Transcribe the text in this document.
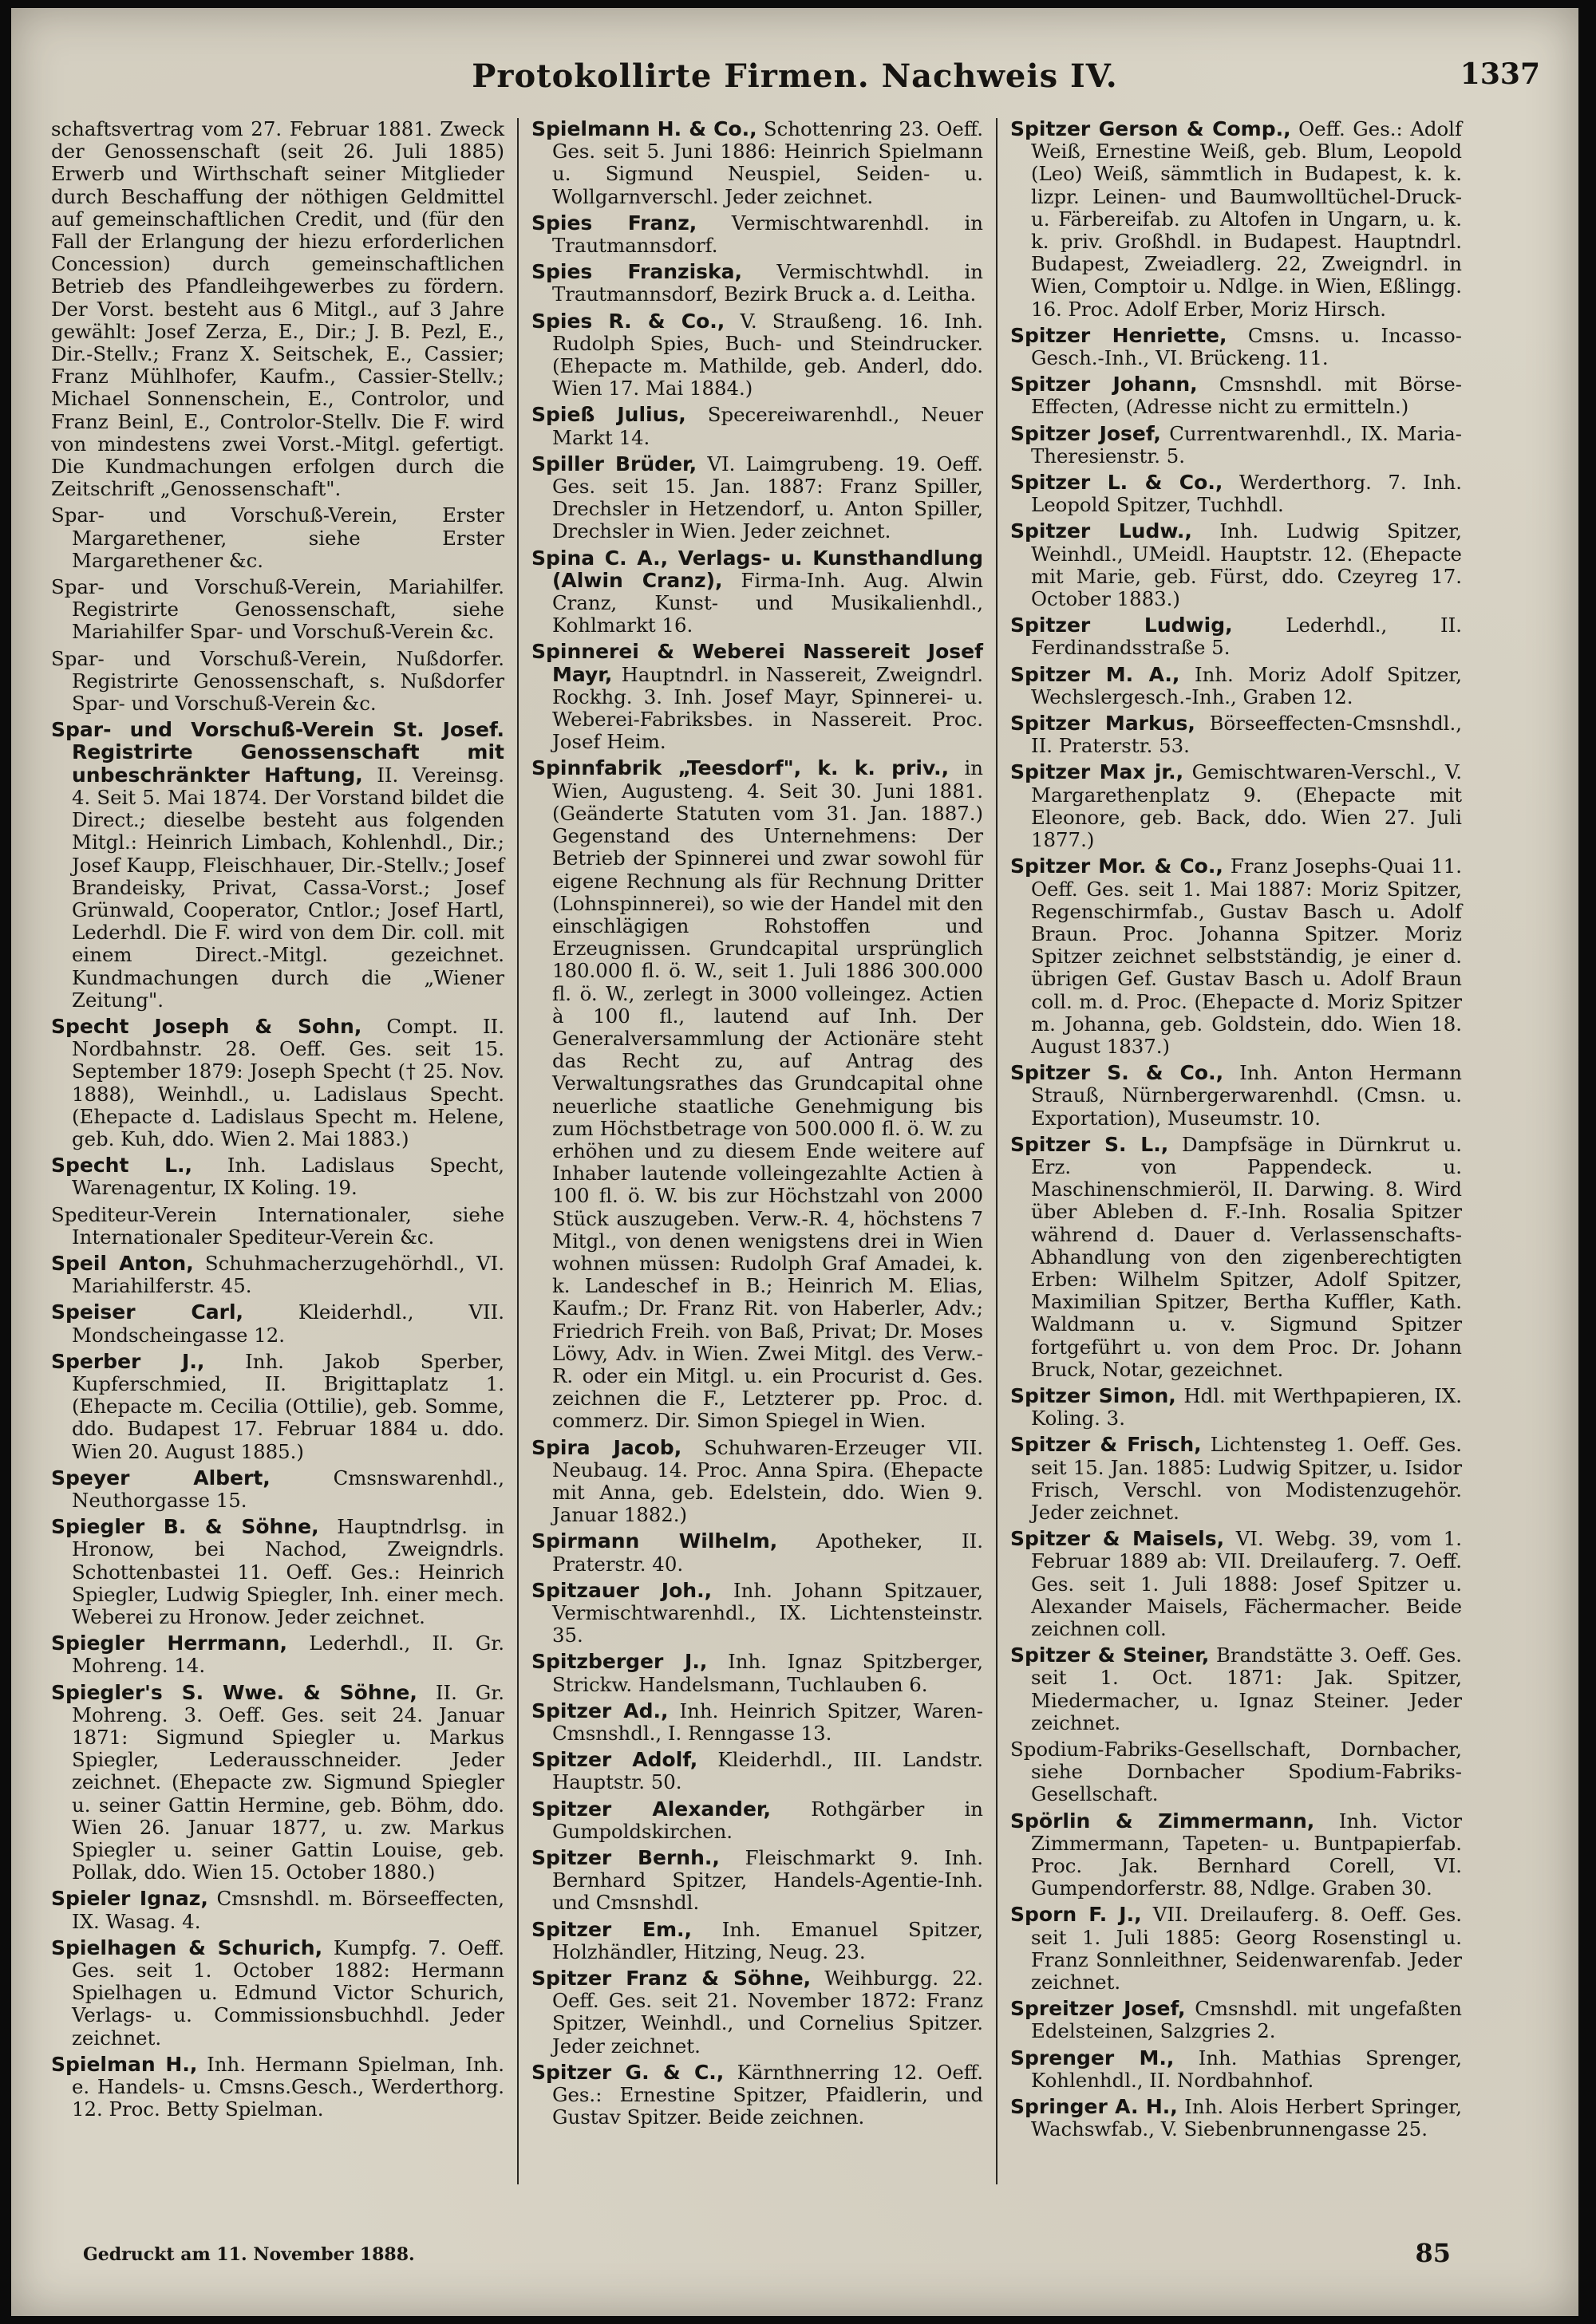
Protokollirte Firmen. Nachweis IV.	1337

schaftsvertrag vom 27. Februar 1881. Zweck der Genossenschaft (seit 26. Juli 1885) Erwerb und Wirthschaft seiner Mitglieder durch Beschaffung der nöthigen Geldmittel auf gemeinschaftlichen Credit, und (für den Fall der Erlangung der hiezu erforderlichen Concession) durch gemeinschaftlichen Betrieb des Pfandleihgewerbes zu fördern. Der Vorst. besteht aus 6 Mitgl., auf 3 Jahre gewählt: Josef Zerza, E., Dir.; J. B. Pezl, E., Dir.-Stellv.; Franz X. Seitschek, E., Cassier; Franz Mühlhofer, Kaufm., Cassier-Stellv.; Michael Sonnenschein, E., Controlor, und Franz Beinl, E., Controlor-Stellv. Die F. wird von mindestens zwei Vorst.-Mitgl. gefertigt. Die Kundmachungen erfolgen durch die Zeitschrift „Genossenschaft".

Spar- und Vorschuß-Verein, Erster Margarethener, siehe Erster Margarethener &c.

Spar- und Vorschuß-Verein, Mariahilfer. Registrirte Genossenschaft, siehe Mariahilfer Spar- und Vorschuß-Verein &c.

Spar- und Vorschuß-Verein, Nußdorfer. Registrirte Genossenschaft, s. Nußdorfer Spar- und Vorschuß-Verein &c.

Spar- und Vorschuß-Verein St. Josef. Registrirte Genossenschaft mit unbeschränkter Haftung, II. Vereinsg. 4. Seit 5. Mai 1874. Der Vorstand bildet die Direct.; dieselbe besteht aus folgenden Mitgl.: Heinrich Limbach, Kohlenhdl., Dir.; Josef Kaupp, Fleischhauer, Dir.-Stellv.; Josef Brandeisky, Privat, Cassa-Vorst.; Josef Grünwald, Cooperator, Cntlor.; Josef Hartl, Lederhdl. Die F. wird von dem Dir. coll. mit einem Direct.-Mitgl. gezeichnet. Kundmachungen durch die „Wiener Zeitung".

Specht Joseph & Sohn, Compt. II. Nordbahnstr. 28. Oeff. Ges. seit 15. September 1879: Joseph Specht († 25. Nov. 1888), Weinhdl., u. Ladislaus Specht. (Ehepacte d. Ladislaus Specht m. Helene, geb. Kuh, ddo. Wien 2. Mai 1883.)

Specht L., Inh. Ladislaus Specht, Warenagentur, IX Koling. 19.

Spediteur-Verein Internationaler, siehe Internationaler Spediteur-Verein &c.

Speil Anton, Schuhmacherzugehörhdl., VI. Mariahilferstr. 45.

Speiser Carl,	Kleiderhdl., VII. Mondscheingasse 12.

Sperber J., Inh. Jakob Sperber, Kupferschmied, II. Brigittaplatz 1. (Ehepacte m. Cecilia (Ottilie), geb. Somme, ddo. Budapest 17. Februar 1884 u. ddo. Wien 20. August 1885.)

Speyer Albert,	Cmsnswarenhdl., Neuthorgasse 15.

Spiegler B. & Söhne, Hauptndrlsg. in Hronow, bei Nachod, Zweigndrls. Schottenbastei 11. Oeff. Ges.: Heinrich Spiegler, Ludwig Spiegler, Inh. einer mech. Weberei zu Hronow. Jeder zeichnet.

Spiegler Herrmann, Lederhdl., II. Gr. Mohreng. 14.

Spiegler's S. Wwe. & Söhne, II. Gr. Mohreng. 3. Oeff. Ges. seit 24. Januar 1871: Sigmund Spiegler u. Markus Spiegler, Lederausschneider. Jeder zeichnet. (Ehepacte zw. Sigmund Spiegler u. seiner Gattin Hermine, geb. Böhm, ddo. Wien 26. Januar 1877, u. zw. Markus Spiegler u. seiner Gattin Louise, geb. Pollak, ddo. Wien 15. October 1880.)

Spieler Ignaz, Cmsnshdl. m. Börseeffecten, IX. Wasag. 4.

Spielhagen & Schurich, Kumpfg. 7. Oeff. Ges. seit 1. October 1882: Hermann Spielhagen u. Edmund Victor Schurich, Verlags- u. Commissionsbuchhdl. Jeder zeichnet.

Spielman H., Inh. Hermann Spielman, Inh. e. Handels- u. Cmsns.Gesch., Werderthorg. 12. Proc. Betty Spielman.

Spielmann H. & Co., Schottenring 23. Oeff. Ges. seit 5. Juni 1886: Heinrich Spielmann u. Sigmund Neuspiel, Seiden- u. Wollgarnverschl. Jeder zeichnet.

Spies Franz, Vermischtwarenhdl. in Trautmannsdorf.

Spies Franziska, Vermischtwhdl. in Trautmannsdorf, Bezirk Bruck a. d. Leitha.

Spies R. & Co., V. Straußeng. 16. Inh. Rudolph Spies, Buch- und Steindrucker. (Ehepacte m. Mathilde, geb. Anderl, ddo. Wien 17. Mai 1884.)

Spieß Julius, Specereiwarenhdl., Neuer Markt 14.

Spiller Brüder, VI. Laimgrubeng. 19. Oeff. Ges. seit 15. Jan. 1887: Franz Spiller, Drechsler in Hetzendorf, u. Anton Spiller, Drechsler in Wien. Jeder zeichnet.

Spina C. A., Verlags- u. Kunsthandlung (Alwin Cranz), Firma-Inh. Aug. Alwin Cranz, Kunst- und Musikalienhdl., Kohlmarkt 16.

Spinnerei & Weberei Nassereit Josef Mayr, Hauptndrl. in Nassereit, Zweigndrl. Rockhg. 3. Inh. Josef Mayr, Spinnerei- u. Weberei-Fabriksbes. in Nassereit. Proc. Josef Heim.

Spinnfabrik „Teesdorf", k. k. priv., in Wien, Augusteng. 4. Seit 30. Juni 1881. (Geänderte Statuten vom 31. Jan. 1887.) Gegenstand des Unternehmens: Der Betrieb der Spinnerei und zwar sowohl für eigene Rechnung als für Rechnung Dritter (Lohnspinnerei), so wie der Handel mit den einschlägigen Rohstoffen und Erzeugnissen. Grundcapital ursprünglich 180.000 fl. ö. W., seit 1. Juli 1886 300.000 fl. ö. W., zerlegt in 3000 volleingez. Actien à 100 fl., lautend auf Inh. Der Generalversammlung der Actionäre steht das Recht zu, auf Antrag des Verwaltungsrathes das Grundcapital ohne neuerliche staatliche Genehmigung bis zum Höchstbetrage von 500.000 fl. ö. W. zu erhöhen und zu diesem Ende weitere auf Inhaber lautende volleingezahlte Actien à 100 fl. ö. W. bis zur Höchstzahl von 2000 Stück auszugeben. Verw.-R. 4, höchstens 7 Mitgl., von denen wenigstens drei in Wien wohnen müssen: Rudolph Graf Amadei, k. k. Landeschef in B.; Heinrich M. Elias, Kaufm.; Dr. Franz Rit. von Haberler, Adv.; Friedrich Freih. von Baß, Privat; Dr. Moses Löwy, Adv. in Wien. Zwei Mitgl. des Verw.-R. oder ein Mitgl. u. ein Procurist d. Ges. zeichnen die F., Letzterer pp. Proc. d. commerz. Dir. Simon Spiegel in Wien.

Spira Jacob, Schuhwaren-Erzeuger VII. Neubaug. 14. Proc. Anna Spira. (Ehepacte mit Anna, geb. Edelstein, ddo. Wien 9. Januar 1882.)

Spirmann Wilhelm, Apotheker, II. Praterstr. 40.

Spitzauer Joh., Inh. Johann Spitzauer, Vermischtwarenhdl., IX. Lichtensteinstr. 35.

Spitzberger J., Inh. Ignaz Spitzberger, Strickw. Handelsmann, Tuchlauben 6.

Spitzer Ad., Inh. Heinrich Spitzer, Waren-Cmsnshdl., I. Renngasse 13.

Spitzer Adolf, Kleiderhdl., III. Landstr. Hauptstr. 50.

Spitzer Alexander, Rothgärber in Gumpoldskirchen.

Spitzer Bernh., Fleischmarkt 9. Inh. Bernhard Spitzer, Handels-Agentie-Inh. und Cmsnshdl.

Spitzer Em., Inh. Emanuel Spitzer, Holzhändler, Hitzing, Neug. 23.

Spitzer Franz & Söhne, Weihburgg. 22. Oeff. Ges. seit 21. November 1872: Franz Spitzer, Weinhdl., und Cornelius Spitzer. Jeder zeichnet.

Spitzer G. & C., Kärnthnerring 12. Oeff. Ges.: Ernestine Spitzer, Pfaidlerin, und Gustav Spitzer. Beide zeichnen.

Spitzer Gerson & Comp., Oeff. Ges.: Adolf Weiß, Ernestine Weiß, geb. Blum, Leopold (Leo) Weiß, sämmtlich in Budapest, k. k. lizpr. Leinen- und Baumwolltüchel-Druck- u. Färbereifab. zu Altofen in Ungarn, u. k. k. priv. Großhdl. in Budapest. Hauptndrl. Budapest, Zweiadlerg. 22, Zweigndrl. in Wien, Comptoir u. Ndlge. in Wien, Eßlingg. 16. Proc. Adolf Erber, Moriz Hirsch.

Spitzer Henriette, Cmsns. u. Incasso-Gesch.-Inh., VI. Brückeng. 11.

Spitzer Johann, Cmsnshdl. mit Börse-Effecten, (Adresse nicht zu ermitteln.)

Spitzer Josef, Currentwarenhdl., IX. Maria-Theresienstr. 5.

Spitzer L. & Co., Werderthorg. 7. Inh. Leopold Spitzer, Tuchhdl.

Spitzer Ludw., Inh. Ludwig Spitzer, Weinhdl., UMeidl. Hauptstr. 12. (Ehepacte mit Marie, geb. Fürst, ddo. Czeyreg 17. October 1883.)

Spitzer Ludwig,	Lederhdl., II. Ferdinandsstraße 5.

Spitzer M. A., Inh. Moriz Adolf Spitzer, Wechslergesch.-Inh., Graben 12.

Spitzer Markus, Börseeffecten-Cmsnshdl., II. Praterstr. 53.

Spitzer Max jr., Gemischtwaren-Verschl., V. Margarethenplatz 9. (Ehepacte mit Eleonore, geb. Back, ddo. Wien 27. Juli 1877.)

Spitzer Mor. & Co., Franz Josephs-Quai 11. Oeff. Ges. seit 1. Mai 1887: Moriz Spitzer, Regenschirmfab., Gustav Basch u. Adolf Braun. Proc. Johanna Spitzer. Moriz Spitzer zeichnet selbstständig, je einer d. übrigen Gef. Gustav Basch u. Adolf Braun coll. m. d. Proc. (Ehepacte d. Moriz Spitzer m. Johanna, geb. Goldstein, ddo. Wien 18. August 1837.)

Spitzer S. & Co., Inh. Anton Hermann Strauß, Nürnbergerwarenhdl. (Cmsn. u. Exportation), Museumstr. 10.

Spitzer S. L., Dampfsäge in Dürnkrut u. Erz. von Pappendeck. u. Maschinenschmieröl, II. Darwing. 8. Wird über Ableben d. F.-Inh. Rosalia Spitzer während d. Dauer d. Verlassenschafts-Abhandlung von den zigenberechtigten Erben: Wilhelm Spitzer, Adolf Spitzer, Maximilian Spitzer, Bertha Kuffler, Kath. Waldmann u. v. Sigmund Spitzer fortgeführt u. von dem Proc. Dr. Johann Bruck, Notar, gezeichnet.

Spitzer Simon, Hdl. mit Werthpapieren, IX. Koling. 3.

Spitzer & Frisch, Lichtensteg 1. Oeff. Ges. seit 15. Jan. 1885: Ludwig Spitzer, u. Isidor Frisch, Verschl. von Modistenzugehör. Jeder zeichnet.

Spitzer & Maisels, VI. Webg. 39, vom 1. Februar 1889 ab: VII. Dreilauferg. 7. Oeff. Ges. seit 1. Juli 1888: Josef Spitzer u. Alexander Maisels, Fächermacher. Beide zeichnen coll.

Spitzer & Steiner, Brandstätte 3. Oeff. Ges. seit 1. Oct. 1871: Jak. Spitzer, Miedermacher, u. Ignaz Steiner. Jeder zeichnet.

Spodium-Fabriks-Gesellschaft, Dornbacher, siehe Dornbacher Spodium-Fabriks-Gesellschaft.

Spörlin & Zimmermann, Inh. Victor Zimmermann, Tapeten- u. Buntpapierfab. Proc. Jak. Bernhard Corell, VI. Gumpendorferstr. 88, Ndlge. Graben 30.

Sporn F. J., VII. Dreilauferg. 8. Oeff. Ges. seit 1. Juli 1885: Georg Rosenstingl u. Franz Sonnleithner, Seidenwarenfab. Jeder zeichnet.

Spreitzer Josef, Cmsnshdl. mit ungefaßten Edelsteinen, Salzgries 2.

Sprenger M., Inh. Mathias Sprenger, Kohlenhdl., II. Nordbahnhof.

Springer A. H., Inh. Alois Herbert Springer, Wachswfab., V. Siebenbrunnengasse 25.

Gedruckt am 11. November 1888.	85
